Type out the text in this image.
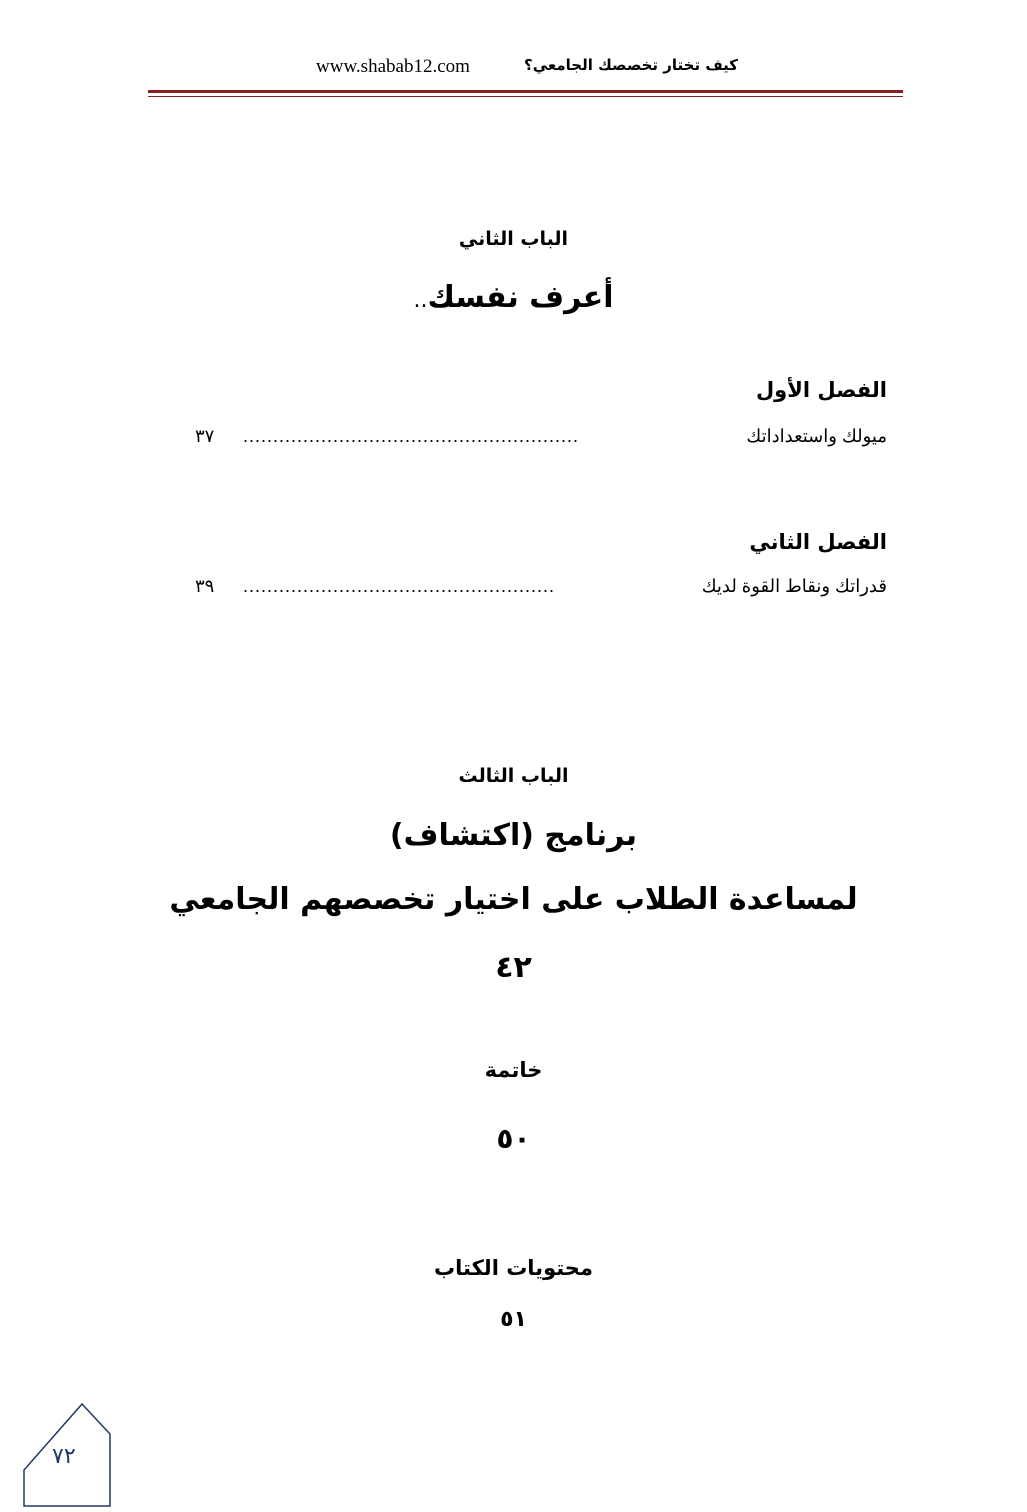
www.shabab12.com	كيف تختار تخصصك الجامعي؟
الباب الثاني
أعرف نفسك..
الفصل الأول
ميولك واستعداداتك
........................................................
٣٧
الفصل الثاني
قدراتك ونقاط القوة لديك
....................................................
٣٩
الباب الثالث
برنامج (اكتشاف)
لمساعدة الطلاب على اختيار تخصصهم الجامعي
٤٢
خاتمة
٥٠
محتويات الكتاب
٥١
٧٢
